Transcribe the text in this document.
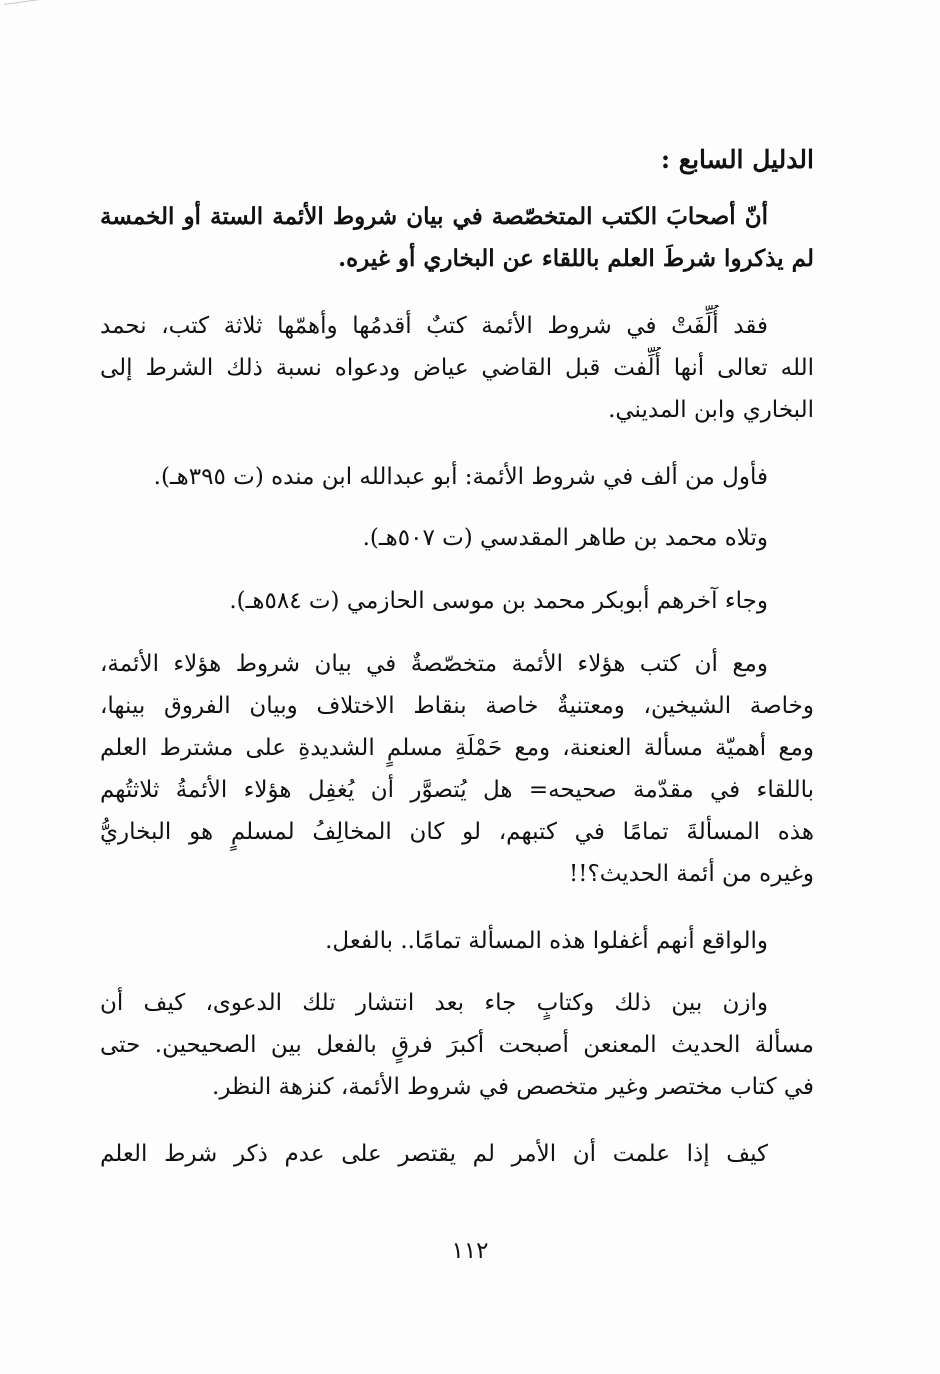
الدليل السابع :
أنّ أصحابَ الكتب المتخصّصة في بيان شروط الأئمة الستة أو الخمسة
لم يذكروا شرطَ العلم باللقاء عن البخاري أو غيره.
فقد أُلِّفَتْ في شروط الأئمة كتبٌ أقدمُها وأهمّها ثلاثة كتب، نحمد
الله تعالى أنها أُلِّفت قبل القاضي عياض ودعواه نسبة ذلك الشرط إلى
البخاري وابن المديني.
فأول من ألف في شروط الأئمة: أبو عبدالله ابن منده (ت ٣٩٥هـ).
وتلاه محمد بن طاهر المقدسي (ت ٥٠٧هـ).
وجاء آخرهم أبوبكر محمد بن موسى الحازمي (ت ٥٨٤هـ).
ومع أن كتب هؤلاء الأئمة متخصّصةٌ في بيان شروط هؤلاء الأئمة،
وخاصة الشيخين، ومعتنيةٌ خاصة بنقاط الاختلاف وبيان الفروق بينها،
ومع أهميّة مسألة العنعنة، ومع حَمْلَةِ مسلمٍ الشديدةِ على مشترط العلم
باللقاء في مقدّمة صحيحه= هل يُتصوَّر أن يُغفِل هؤلاء الأئمةُ ثلاثتُهم
هذه المسألةَ تمامًا في كتبهم، لو كان المخالِفُ لمسلمٍ هو البخاريُّ
وغيره من أئمة الحديث؟!!
والواقع أنهم أغفلوا هذه المسألة تمامًا.. بالفعل.
وازن بين ذلك وكتابٍ جاء بعد انتشار تلك الدعوى، كيف أن
مسألة الحديث المعنعن أصبحت أكبرَ فرقٍ بالفعل بين الصحيحين. حتى
في كتاب مختصر وغير متخصص في شروط الأئمة، كنزهة النظر.
كيف إذا علمت أن الأمر لم يقتصر على عدم ذكر شرط العلم
١١٢
